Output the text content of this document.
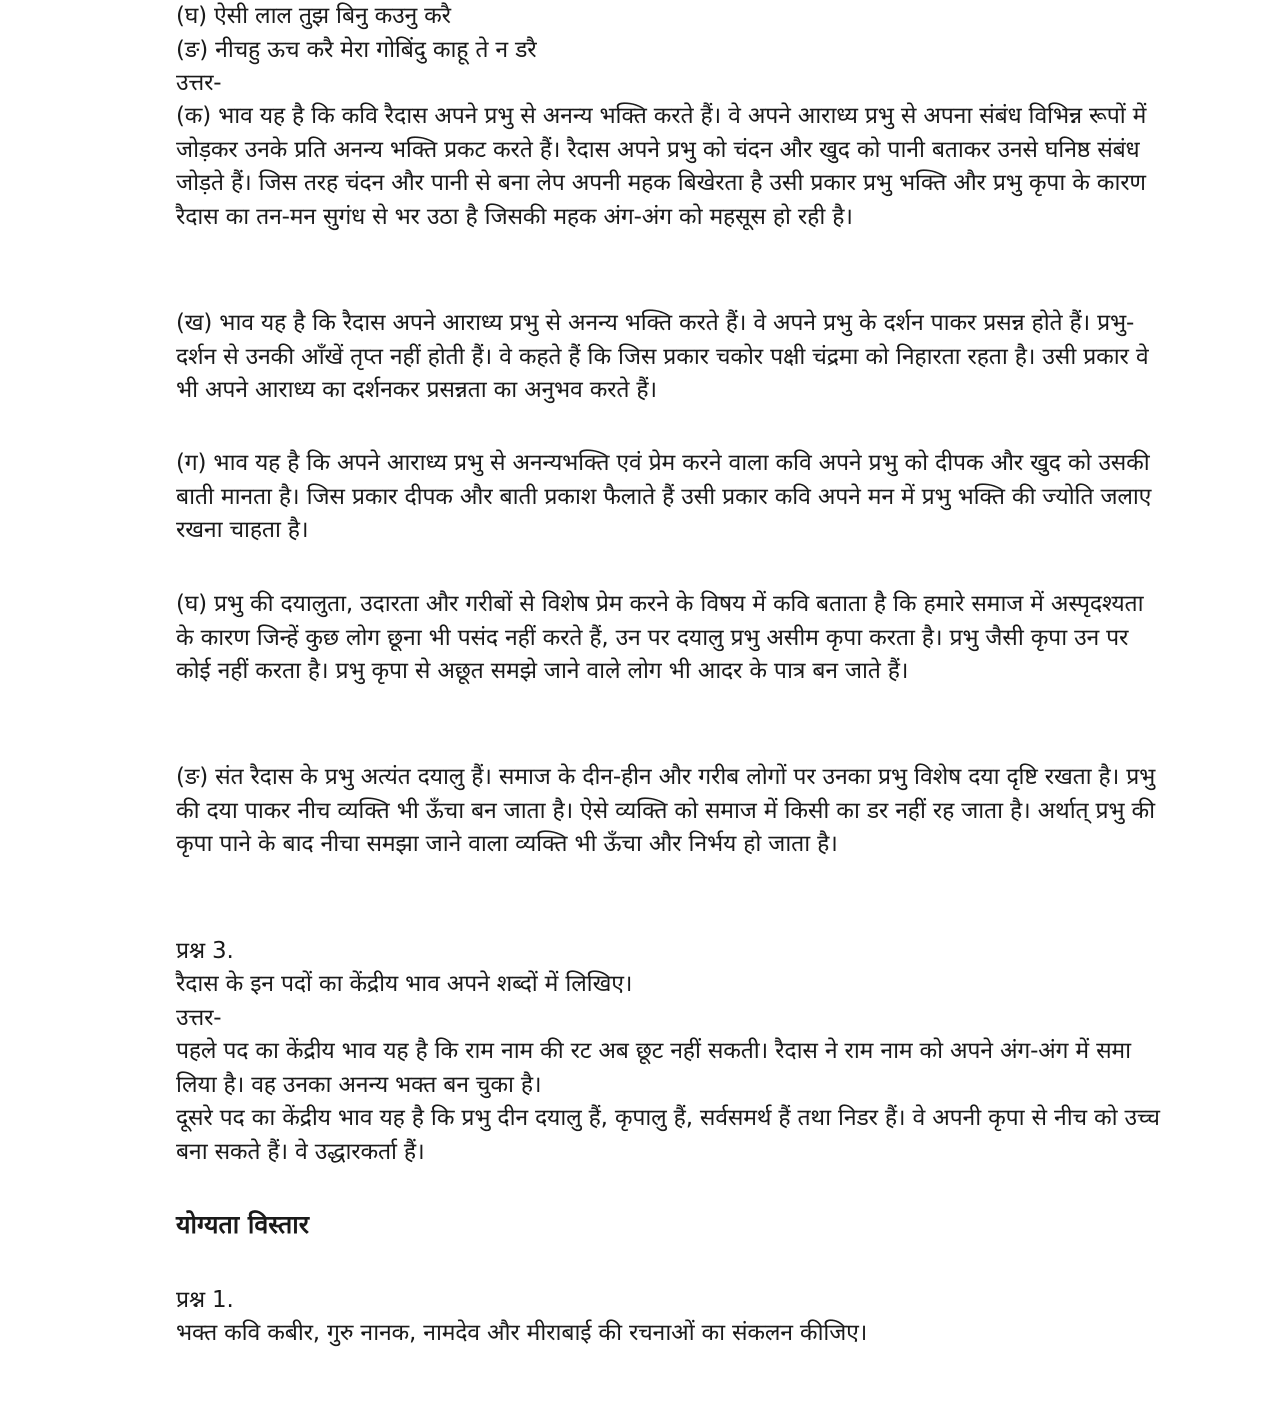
(घ) ऐसी लाल तुझ बिनु कउनु करै
(ङ) नीचहु ऊच करै मेरा गोबिंदु काहू ते न डरै
उत्तर-
(क) भाव यह है कि कवि रैदास अपने प्रभु से अनन्य भक्ति करते हैं। वे अपने आराध्य प्रभु से अपना संबंध विभिन्न रूपों में जोड़कर उनके प्रति अनन्य भक्ति प्रकट करते हैं। रैदास अपने प्रभु को चंदन और खुद को पानी बताकर उनसे घनिष्ठ संबंध जोड़ते हैं। जिस तरह चंदन और पानी से बना लेप अपनी महक बिखेरता है उसी प्रकार प्रभु भक्ति और प्रभु कृपा के कारण रैदास का तन-मन सुगंध से भर उठा है जिसकी महक अंग-अंग को महसूस हो रही है।
(ख) भाव यह है कि रैदास अपने आराध्य प्रभु से अनन्य भक्ति करते हैं। वे अपने प्रभु के दर्शन पाकर प्रसन्न होते हैं। प्रभु-दर्शन से उनकी आँखें तृप्त नहीं होती हैं। वे कहते हैं कि जिस प्रकार चकोर पक्षी चंद्रमा को निहारता रहता है। उसी प्रकार वे भी अपने आराध्य का दर्शनकर प्रसन्नता का अनुभव करते हैं।
(ग) भाव यह है कि अपने आराध्य प्रभु से अनन्यभक्ति एवं प्रेम करने वाला कवि अपने प्रभु को दीपक और खुद को उसकी बाती मानता है। जिस प्रकार दीपक और बाती प्रकाश फैलाते हैं उसी प्रकार कवि अपने मन में प्रभु भक्ति की ज्योति जलाए रखना चाहता है।
(घ) प्रभु की दयालुता, उदारता और गरीबों से विशेष प्रेम करने के विषय में कवि बताता है कि हमारे समाज में अस्पृदश्यता के कारण जिन्हें कुछ लोग छूना भी पसंद नहीं करते हैं, उन पर दयालु प्रभु असीम कृपा करता है। प्रभु जैसी कृपा उन पर कोई नहीं करता है। प्रभु कृपा से अछूत समझे जाने वाले लोग भी आदर के पात्र बन जाते हैं।
(ङ) संत रैदास के प्रभु अत्यंत दयालु हैं। समाज के दीन-हीन और गरीब लोगों पर उनका प्रभु विशेष दया दृष्टि रखता है। प्रभु की दया पाकर नीच व्यक्ति भी ऊँचा बन जाता है। ऐसे व्यक्ति को समाज में किसी का डर नहीं रह जाता है। अर्थात् प्रभु की कृपा पाने के बाद नीचा समझा जाने वाला व्यक्ति भी ऊँचा और निर्भय हो जाता है।
प्रश्न 3.
रैदास के इन पदों का केंद्रीय भाव अपने शब्दों में लिखिए।
उत्तर-
पहले पद का केंद्रीय भाव यह है कि राम नाम की रट अब छूट नहीं सकती। रैदास ने राम नाम को अपने अंग-अंग में समा लिया है। वह उनका अनन्य भक्त बन चुका है।
दूसरे पद का केंद्रीय भाव यह है कि प्रभु दीन दयालु हैं, कृपालु हैं, सर्वसमर्थ हैं तथा निडर हैं। वे अपनी कृपा से नीच को उच्च बना सकते हैं। वे उद्धारकर्ता हैं।
योग्यता विस्तार
प्रश्न 1.
भक्त कवि कबीर, गुरु नानक, नामदेव और मीराबाई की रचनाओं का संकलन कीजिए।
